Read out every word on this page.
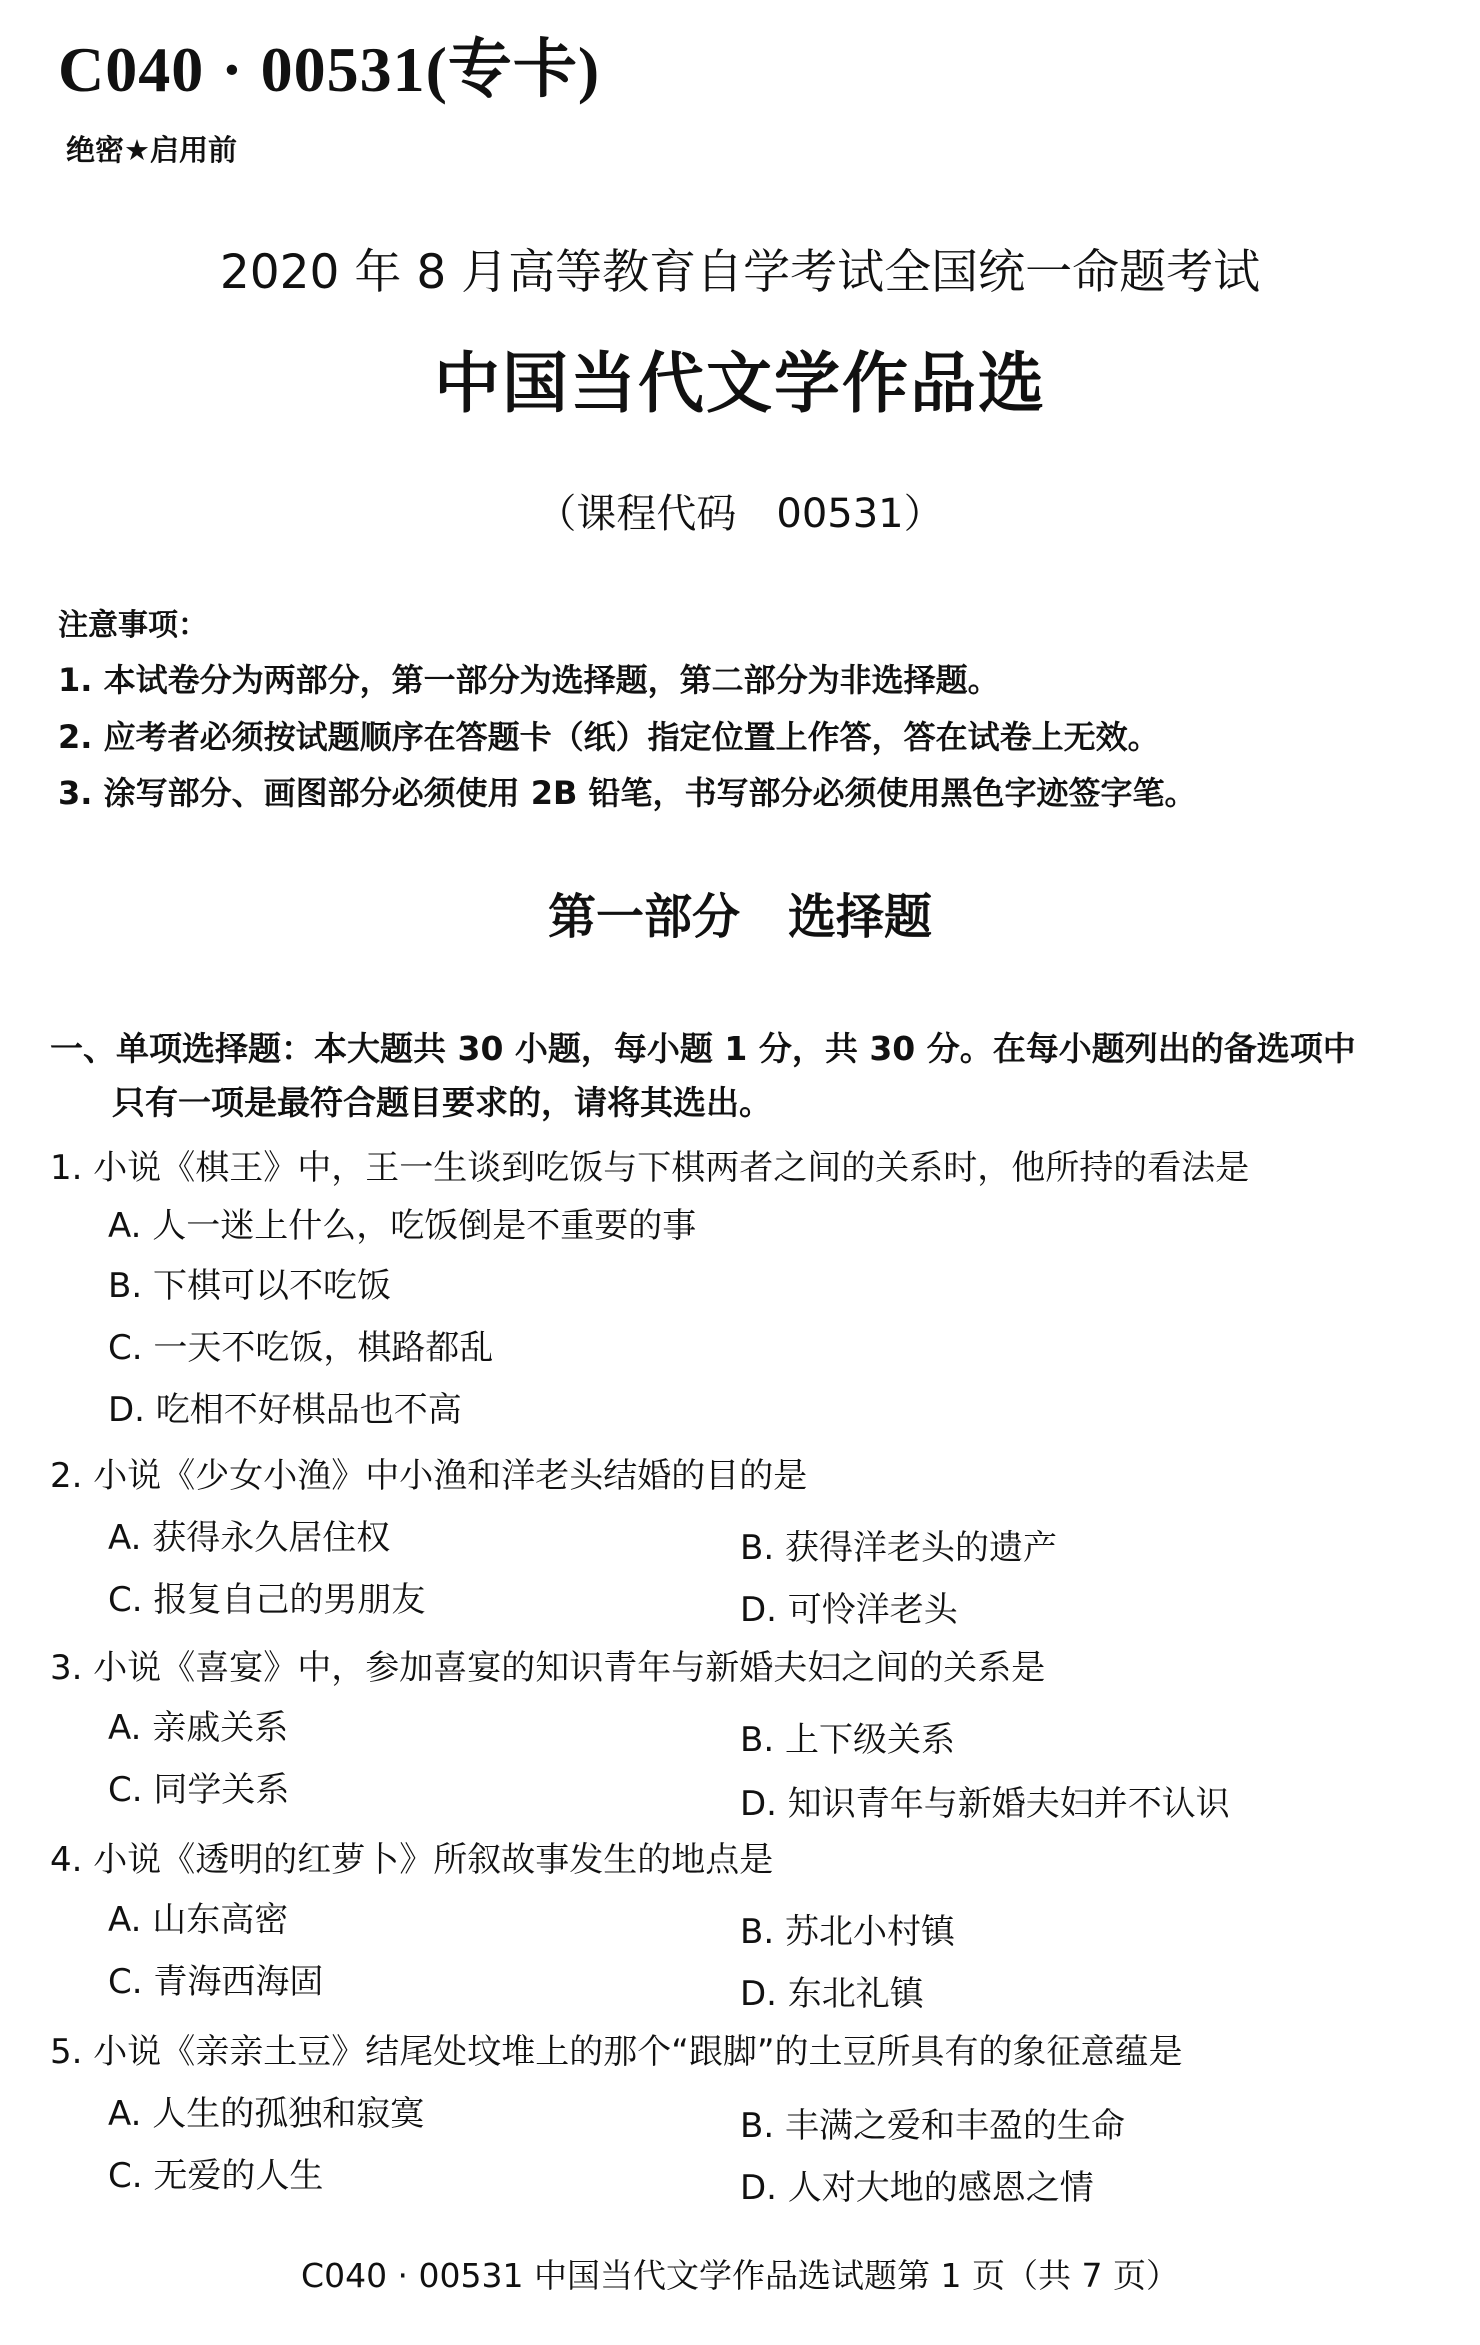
C040 · 00531(专卡)
绝密★启用前
2020 年 8 月高等教育自学考试全国统一命题考试
中国当代文学作品选
（课程代码　00531）
注意事项：
1. 本试卷分为两部分，第一部分为选择题，第二部分为非选择题。
2. 应考者必须按试题顺序在答题卡（纸）指定位置上作答，答在试卷上无效。
3. 涂写部分、画图部分必须使用 2B 铅笔，书写部分必须使用黑色字迹签字笔。
第一部分　选择题
一、单项选择题：本大题共 30 小题，每小题 1 分，共 30 分。在每小题列出的备选项中
只有一项是最符合题目要求的，请将其选出。
1. 小说《棋王》中，王一生谈到吃饭与下棋两者之间的关系时，他所持的看法是
A. 人一迷上什么，吃饭倒是不重要的事
B. 下棋可以不吃饭
C. 一天不吃饭，棋路都乱
D. 吃相不好棋品也不高
2. 小说《少女小渔》中小渔和洋老头结婚的目的是
A. 获得永久居住权	B. 获得洋老头的遗产
C. 报复自己的男朋友	D. 可怜洋老头
3. 小说《喜宴》中，参加喜宴的知识青年与新婚夫妇之间的关系是
A. 亲戚关系	B. 上下级关系
C. 同学关系	D. 知识青年与新婚夫妇并不认识
4. 小说《透明的红萝卜》所叙故事发生的地点是
A. 山东高密	B. 苏北小村镇
C. 青海西海固	D. 东北礼镇
5. 小说《亲亲土豆》结尾处坟堆上的那个“跟脚”的土豆所具有的象征意蕴是
A. 人生的孤独和寂寞	B. 丰满之爱和丰盈的生命
C. 无爱的人生	D. 人对大地的感恩之情
C040 · 00531 中国当代文学作品选试题第 1 页（共 7 页）
